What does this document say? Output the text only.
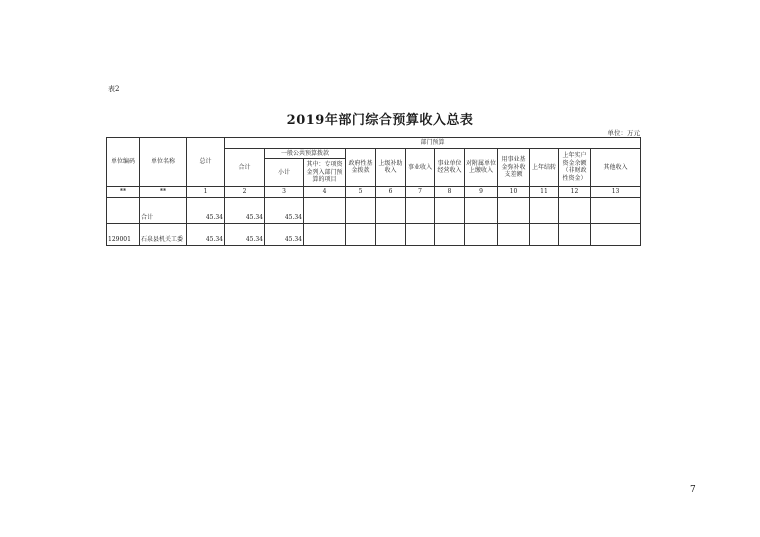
表2
2019年部门综合预算收入总表
单位：万元
单位编码	单位名称	总计	部门预算											
			合计	一般公共预算拨款		政府性基金拨款	上级补助收入	事业收入	事业单位经营收入	对附属单位上缴收入	用事业基金弥补收支差额	上年结转	上年实户资金余额（非财政性资金）	其他收入
				小计	其中：专项资金列入部门预算的项目									
**	**	1	2	3	4	5	6	7	8	9	10	11	12	13
	合计	45.34	45.34	45.34										
129001	石泉县机关工委	45.34	45.34	45.34										
7
